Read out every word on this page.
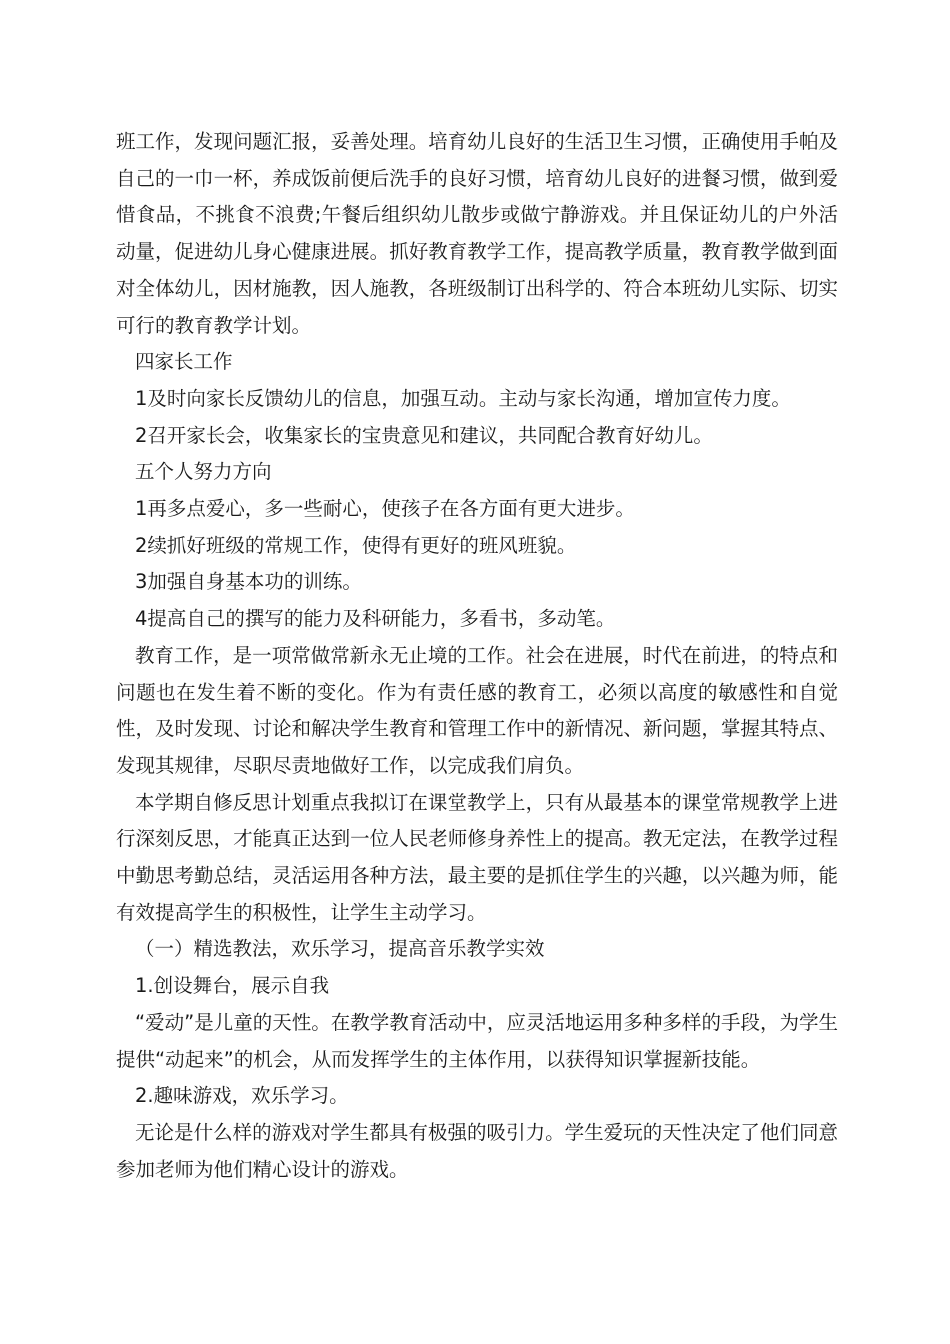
班工作，发现问题汇报，妥善处理。培育幼儿良好的生活卫生习惯，正确使用手帕及自己的一巾一杯，养成饭前便后洗手的良好习惯，培育幼儿良好的进餐习惯，做到爱惜食品，不挑食不浪费;午餐后组织幼儿散步或做宁静游戏。并且保证幼儿的户外活动量，促进幼儿身心健康进展。抓好教育教学工作，提高教学质量，教育教学做到面对全体幼儿，因材施教，因人施教，各班级制订出科学的、符合本班幼儿实际、切实可行的教育教学计划。

四家长工作

1及时向家长反馈幼儿的信息，加强互动。主动与家长沟通，增加宣传力度。

2召开家长会，收集家长的宝贵意见和建议，共同配合教育好幼儿。

五个人努力方向

1再多点爱心，多一些耐心，使孩子在各方面有更大进步。

2续抓好班级的常规工作，使得有更好的班风班貌。

3加强自身基本功的训练。

4提高自己的撰写的能力及科研能力，多看书，多动笔。

教育工作，是一项常做常新永无止境的工作。社会在进展，时代在前进，的特点和问题也在发生着不断的变化。作为有责任感的教育工，必须以高度的敏感性和自觉性，及时发现、讨论和解决学生教育和管理工作中的新情况、新问题，掌握其特点、发现其规律，尽职尽责地做好工作，以完成我们肩负。

本学期自修反思计划重点我拟订在课堂教学上，只有从最基本的课堂常规教学上进行深刻反思，才能真正达到一位人民老师修身养性上的提高。教无定法，在教学过程中勤思考勤总结，灵活运用各种方法，最主要的是抓住学生的兴趣，以兴趣为师，能有效提高学生的积极性，让学生主动学习。

（一）精选教法，欢乐学习，提高音乐教学实效

1.创设舞台，展示自我

“爱动”是儿童的天性。在教学教育活动中，应灵活地运用多种多样的手段，为学生提供“动起来”的机会，从而发挥学生的主体作用，以获得知识掌握新技能。

2.趣味游戏，欢乐学习。

无论是什么样的游戏对学生都具有极强的吸引力。学生爱玩的天性决定了他们同意参加老师为他们精心设计的游戏。
